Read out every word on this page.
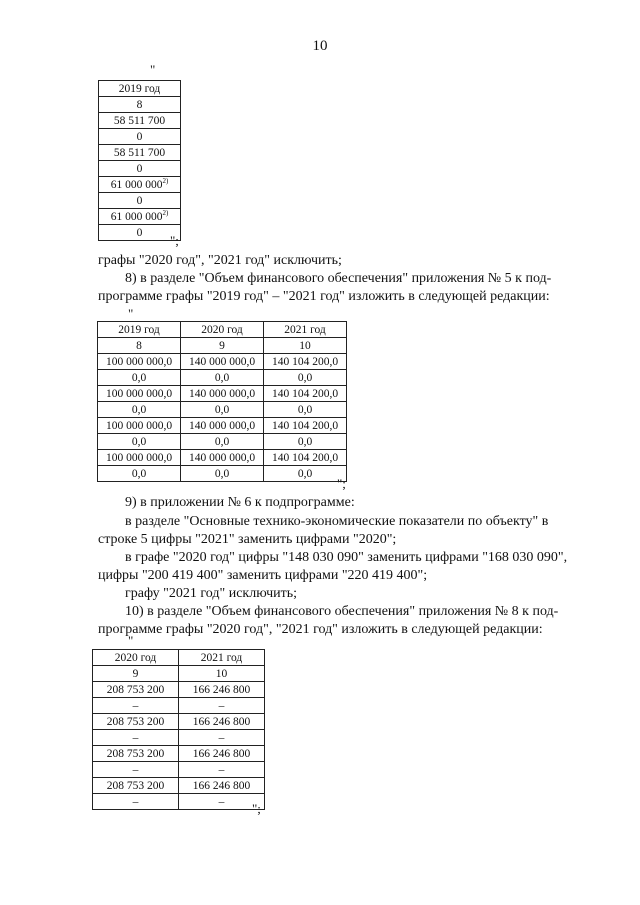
10
"
2019 год
8
58 511 700
0
58 511 700
0
61 000 000$^{2)}$
0
61 000 000$^{2)}$
0
";
графы "2020 год", "2021 год" исключить;
8) в разделе "Объем финансового обеспечения" приложения № 5 к под-
программе графы "2019 год" – "2021 год" изложить в следующей редакции:
"
2019 год	2020 год	2021 год
8	9	10
100 000 000,0	140 000 000,0	140 104 200,0
0,0	0,0	0,0
100 000 000,0	140 000 000,0	140 104 200,0
0,0	0,0	0,0
100 000 000,0	140 000 000,0	140 104 200,0
0,0	0,0	0,0
100 000 000,0	140 000 000,0	140 104 200,0
0,0	0,0	0,0
";
9) в приложении № 6 к подпрограмме:
в разделе "Основные технико-экономические показатели по объекту" в
строке 5 цифры "2021" заменить цифрами "2020";
в графе "2020 год" цифры "148 030 090" заменить цифрами "168 030 090",
цифры "200 419 400" заменить цифрами "220 419 400";
графу "2021 год" исключить;
10) в разделе "Объем финансового обеспечения" приложения № 8 к под-
программе графы "2020 год", "2021 год" изложить в следующей редакции:
"
2020 год	2021 год
9	10
208 753 200	166 246 800
–	–
208 753 200	166 246 800
–	–
208 753 200	166 246 800
–	–
208 753 200	166 246 800
–	– ";
